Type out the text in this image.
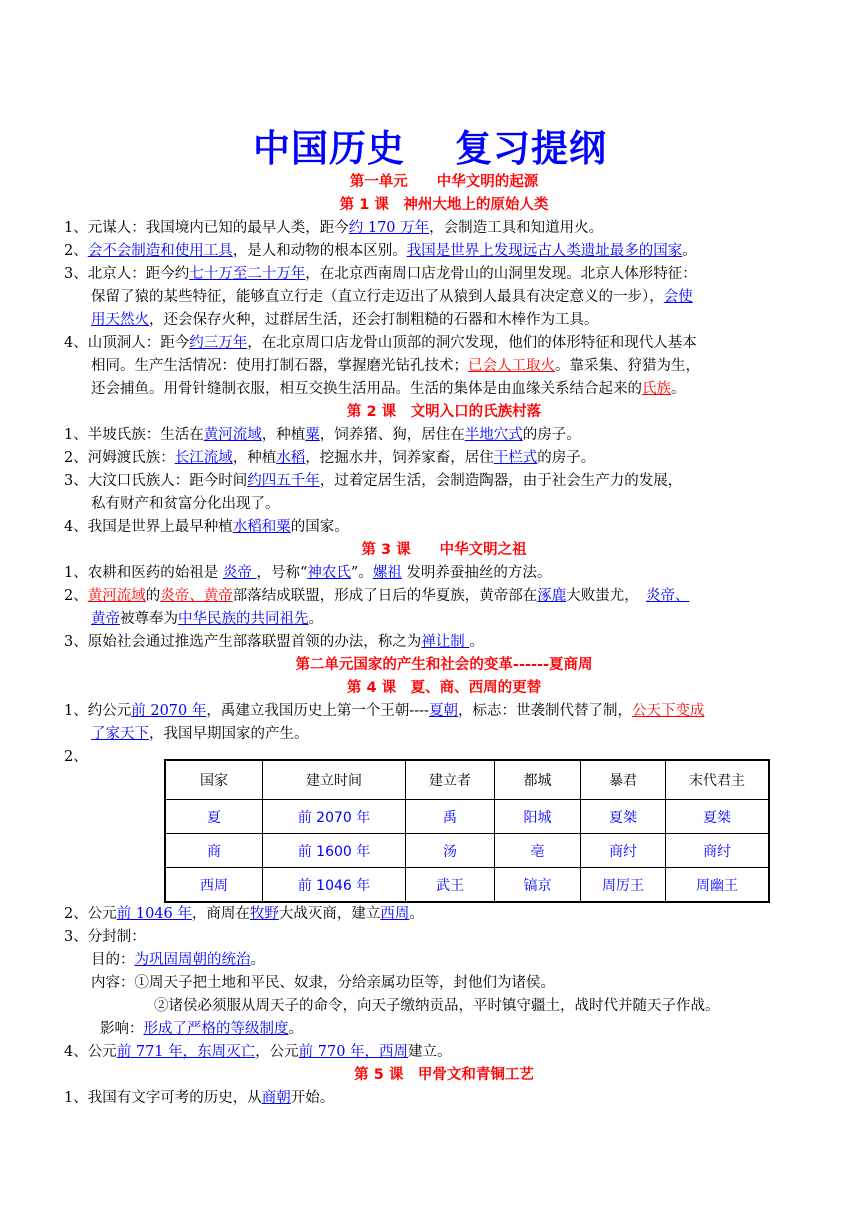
中国历史 复习提纲
第一单元　　中华文明的起源
第 1 课　神州大地上的原始人类
1、元谋人：我国境内已知的最早人类，距今约 170 万年，会制造工具和知道用火。
2、会不会制造和使用工具，是人和动物的根本区别。我国是世界上发现远古人类遗址最多的国家。
3、北京人：距今约七十万至二十万年，在北京西南周口店龙骨山的山洞里发现。北京人体形特征：
保留了猿的某些特征，能够直立行走（直立行走迈出了从猿到人最具有决定意义的一步），会使
用天然火，还会保存火种，过群居生活，还会打制粗糙的石器和木棒作为工具。
4、山顶洞人：距今约三万年，在北京周口店龙骨山顶部的洞穴发现，他们的体形特征和现代人基本
相同。生产生活情况：使用打制石器，掌握磨光钻孔技术；已会人工取火。靠采集、狩猎为生，
还会捕鱼。用骨针缝制衣服，相互交换生活用品。生活的集体是由血缘关系结合起来的氏族。
第 2 课　文明入口的氏族村落
1、半坡氏族：生活在黄河流域，种植粟，饲养猪、狗，居住在半地穴式的房子。
2、河姆渡氏族：长江流域，种植水稻，挖掘水井，饲养家畜，居住干栏式的房子。
3、大汶口氏族人：距今时间约四五千年，过着定居生活，会制造陶器，由于社会生产力的发展，
私有财产和贫富分化出现了。
4、我国是世界上最早种植水稻和粟的国家。
第 3 课　　中华文明之祖
1、农耕和医药的始祖是 炎帝 ，号称“神农氏”。嫘祖 发明养蚕抽丝的方法。
2、黄河流域的炎帝、黄帝部落结成联盟，形成了日后的华夏族，黄帝部在涿鹿大败蚩尤，　炎帝、
黄帝被尊奉为中华民族的共同祖先。
3、原始社会通过推选产生部落联盟首领的办法，称之为禅让制 。
第二单元国家的产生和社会的变革------夏商周
第 4 课　夏、商、西周的更替
1、约公元前 2070 年，禹建立我国历史上第一个王朝----夏朝，标志：世袭制代替了制，公天下变成
了家天下，我国早期国家的产生。
2、
国家	建立时间	建立者	都城	暴君	末代君主
夏	前 2070 年	禹	阳城	夏桀	夏桀
商	前 1600 年	汤	亳	商纣	商纣
西周	前 1046 年	武王	镐京	周厉王	周幽王
2、公元前 1046 年，商周在牧野大战灭商，建立西周。
3、分封制：
目的：为巩固周朝的统治。
内容：①周天子把土地和平民、奴隶，分给亲属功臣等，封他们为诸侯。
②诸侯必须服从周天子的命令，向天子缴纳贡品，平时镇守疆土，战时代并随天子作战。
影响：形成了严格的等级制度。
4、公元前 771 年，东周灭亡，公元前 770 年，西周建立。
第 5 课　甲骨文和青铜工艺
1、我国有文字可考的历史，从商朝开始。
